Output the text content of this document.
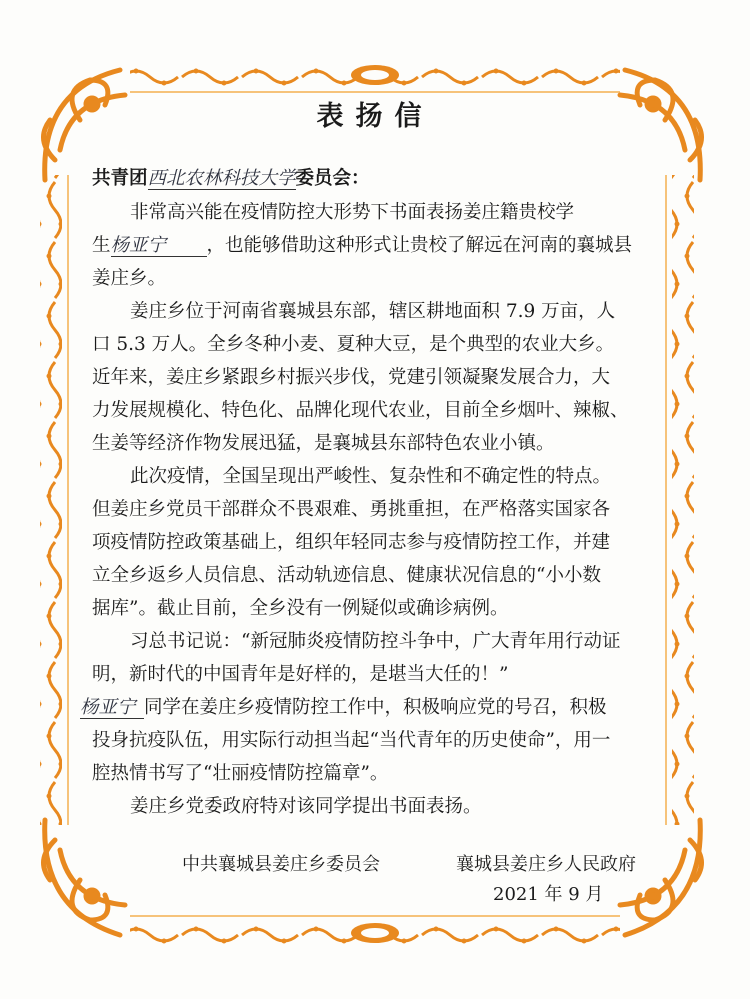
表扬信
共青团西北农林科技大学委员会：
非常高兴能在疫情防控大形势下书面表扬姜庄籍贵校学
生杨亚宁 ，也能够借助这种形式让贵校了解远在河南的襄城县
姜庄乡。
姜庄乡位于河南省襄城县东部，辖区耕地面积 7.9 万亩，人
口 5.3 万人。全乡冬种小麦、夏种大豆，是个典型的农业大乡。
近年来，姜庄乡紧跟乡村振兴步伐，党建引领凝聚发展合力，大
力发展规模化、特色化、品牌化现代农业，目前全乡烟叶、辣椒、
生姜等经济作物发展迅猛，是襄城县东部特色农业小镇。
此次疫情，全国呈现出严峻性、复杂性和不确定性的特点。
但姜庄乡党员干部群众不畏艰难、勇挑重担，在严格落实国家各
项疫情防控政策基础上，组织年轻同志参与疫情防控工作，并建
立全乡返乡人员信息、活动轨迹信息、健康状况信息的“小小数
据库”。截止目前，全乡没有一例疑似或确诊病例。
习总书记说：“新冠肺炎疫情防控斗争中，广大青年用行动证
明，新时代的中国青年是好样的，是堪当大任的！”
杨亚宁 同学在姜庄乡疫情防控工作中，积极响应党的号召，积极
投身抗疫队伍，用实际行动担当起“当代青年的历史使命”，用一
腔热情书写了“壮丽疫情防控篇章”。
姜庄乡党委政府特对该同学提出书面表扬。
中共襄城县姜庄乡委员会	襄城县姜庄乡人民政府
2021 年 9 月
